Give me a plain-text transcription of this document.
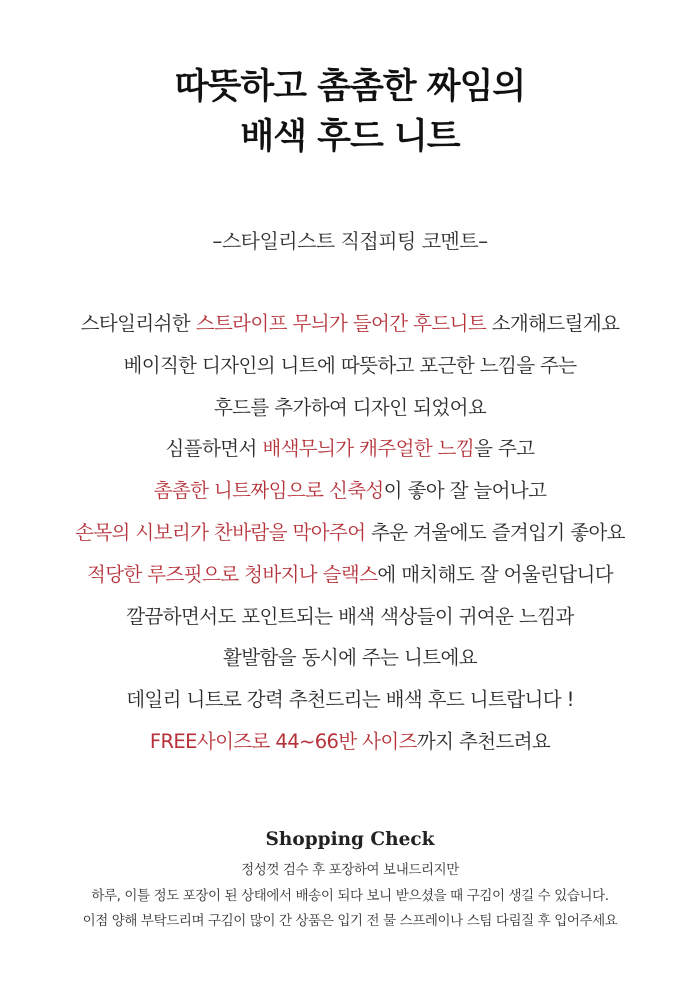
따뜻하고 촘촘한 짜임의
배색 후드 니트
–스타일리스트 직접피팅 코멘트–
스타일리쉬한 스트라이프 무늬가 들어간 후드니트 소개해드릴게요
베이직한 디자인의 니트에 따뜻하고 포근한 느낌을 주는
후드를 추가하여 디자인 되었어요
심플하면서 배색무늬가 캐주얼한 느낌을 주고
촘촘한 니트짜임으로 신축성이 좋아 잘 늘어나고
손목의 시보리가 찬바람을 막아주어 추운 겨울에도 즐겨입기 좋아요
적당한 루즈핏으로 청바지나 슬랙스에 매치해도 잘 어울린답니다
깔끔하면서도 포인트되는 배색 색상들이 귀여운 느낌과
활발함을 동시에 주는 니트에요
데일리 니트로 강력 추천드리는 배색 후드 니트랍니다 !
FREE사이즈로 44~66반 사이즈까지 추천드려요
Shopping Check
정성껏 검수 후 포장하여 보내드리지만
하루, 이틀 정도 포장이 된 상태에서 배송이 되다 보니 받으셨을 때 구김이 생길 수 있습니다.
이점 양해 부탁드리며 구김이 많이 간 상품은 입기 전 물 스프레이나 스팀 다림질 후 입어주세요
